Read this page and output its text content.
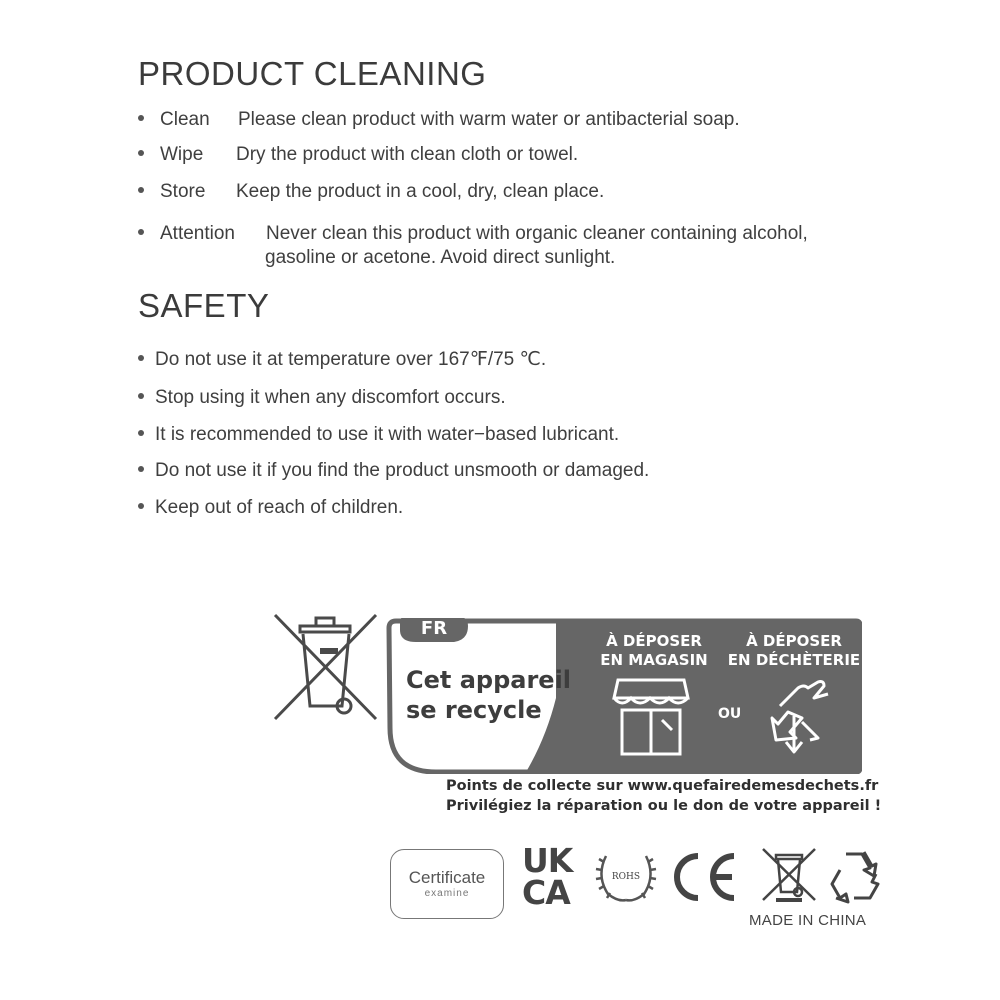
PRODUCT CLEANING
Clean Please clean product with warm water or antibacterial soap.
Wipe Dry the product with clean cloth or towel.
Store Keep the product in a cool, dry, clean place.
Attention Never clean this product with organic cleaner containing alcohol,
gasoline or acetone. Avoid direct sunlight.
SAFETY
Do not use it at temperature over 167℉/75 ℃.
Stop using it when any discomfort occurs.
It is recommended to use it with water−based lubricant.
Do not use it if you find the product unsmooth or damaged.
Keep out of reach of children.
FR
Cet appareil
se recycle
À DÉPOSER
EN MAGASIN
À DÉPOSER
EN DÉCHÈTERIE
OU
Points de collecte sur www.quefairedemesdechets.fr
Privilégiez la réparation ou le don de votre appareil !
Certificate
examine
UK
CA	ROHS
MADE IN CHINA
